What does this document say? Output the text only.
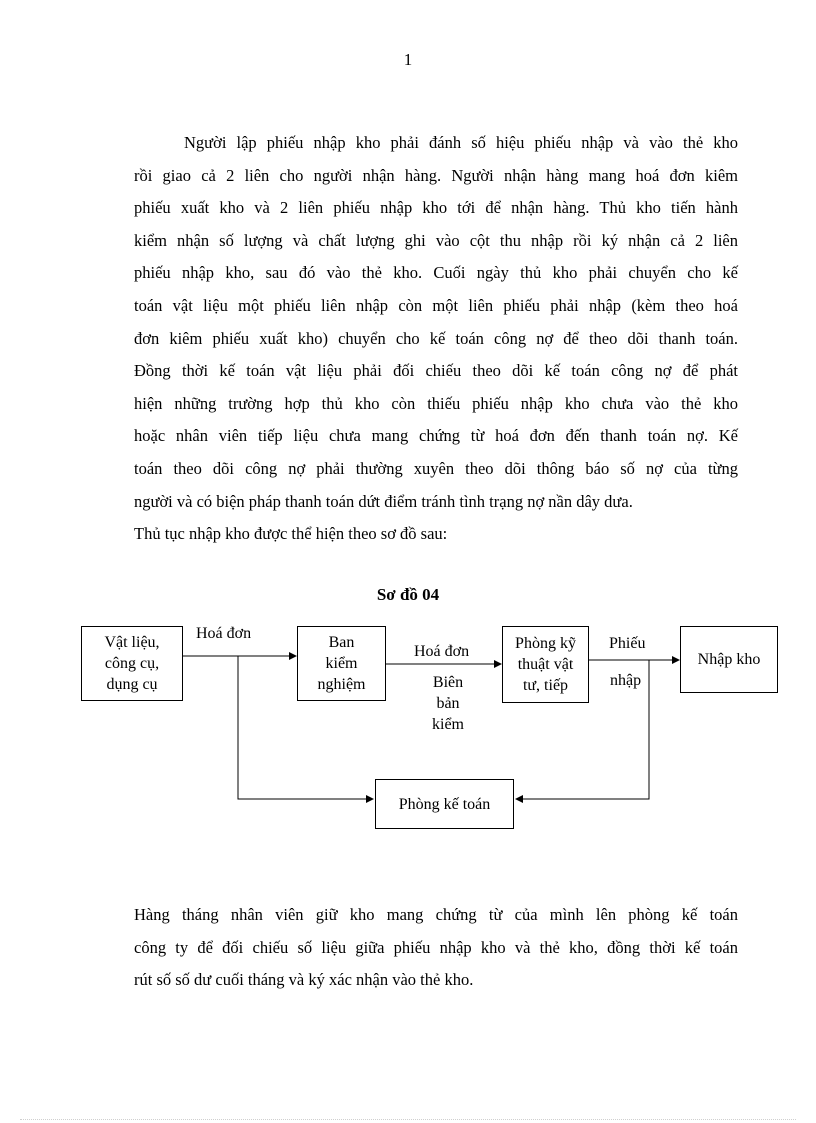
1
Người lập phiếu nhập kho phải đánh số hiệu phiếu nhập và vào thẻ kho
rồi giao cả 2 liên cho người nhận hàng. Người nhận hàng mang hoá đơn kiêm
phiếu xuất kho và 2 liên phiếu nhập kho tới để nhận hàng. Thủ kho tiến hành
kiểm nhận số lượng và chất lượng ghi vào cột thu nhập rồi ký nhận cả 2 liên
phiếu nhập kho, sau đó vào thẻ kho. Cuối ngày thủ kho phải chuyển cho kế
toán vật liệu một phiếu liên nhập còn một liên phiếu phải nhập (kèm theo hoá
đơn kiêm phiếu xuất kho) chuyển cho kế toán công nợ để theo dõi thanh toán.
Đồng thời kế toán vật liệu phải đối chiếu theo dõi kế toán công nợ để phát
hiện những trường hợp thủ kho còn thiếu phiếu nhập kho chưa vào thẻ kho
hoặc nhân viên tiếp liệu chưa mang chứng từ hoá đơn đến thanh toán nợ. Kế
toán theo dõi công nợ phải thường xuyên theo dõi thông báo số nợ của từng
người và có biện pháp thanh toán dứt điểm tránh tình trạng nợ nần dây dưa.
Thủ tục nhập kho được thể hiện theo sơ đồ sau:
Sơ đồ 04
Vật liệu,
công cụ,
dụng cụ
Ban
kiểm
nghiệm
Phòng kỹ
thuật vật
tư, tiếp
Nhập kho
Phòng kế toán
Hoá đơn
Hoá đơn
Biên
bản
kiểm
Phiếu
nhập
Hàng tháng nhân viên giữ kho mang chứng từ của mình lên phòng kế toán
công ty để đối chiếu số liệu giữa phiếu nhập kho và thẻ kho, đồng thời kế toán
rút số số dư cuối tháng và ký xác nhận vào thẻ kho.
